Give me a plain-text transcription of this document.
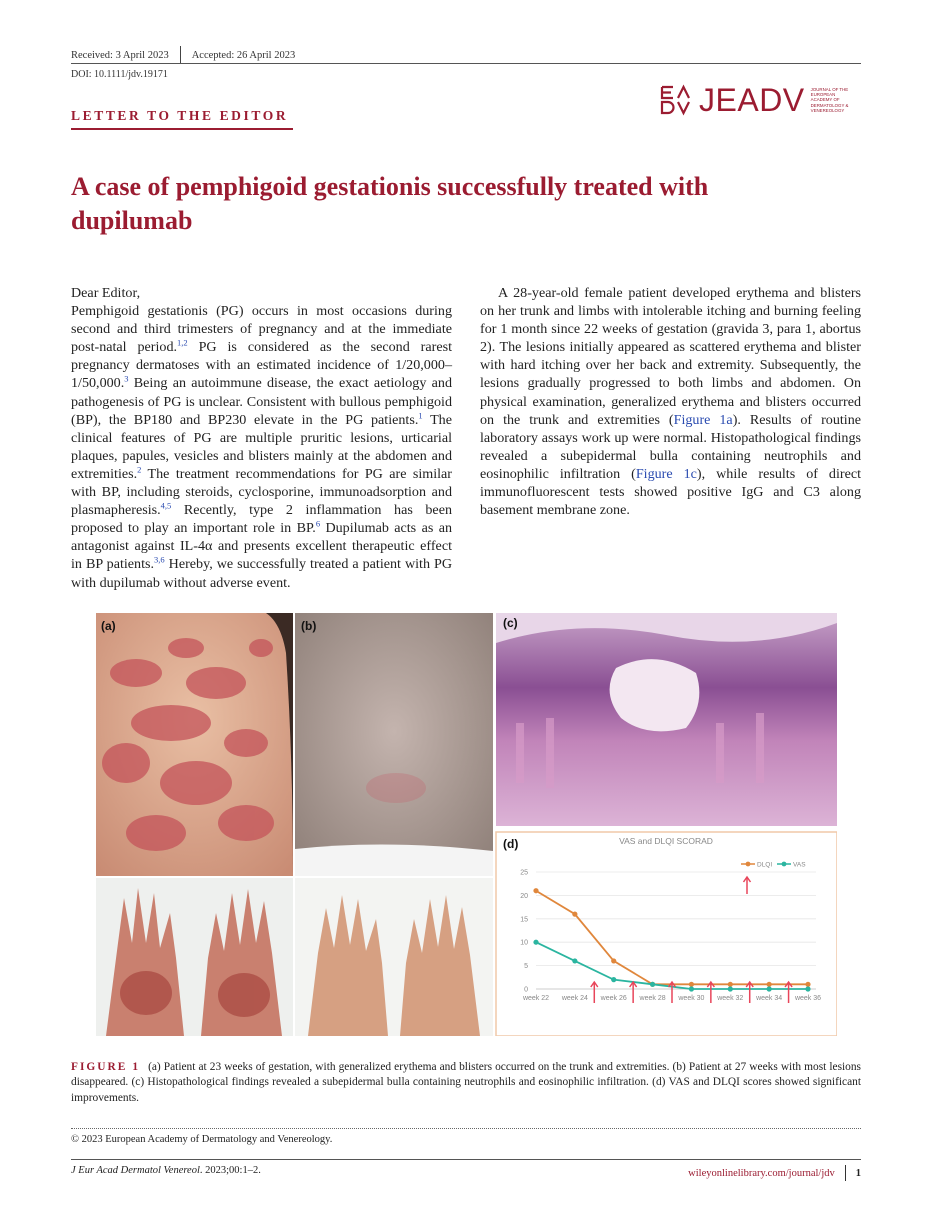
Received: 3 April 2023 Accepted: 26 April 2023
DOI: 10.1111/jdv.19171
LETTER TO THE EDITOR	JEADV JOURNAL OF THE EUROPEAN ACADEMY OF DERMATOLOGY & VENEREOLOGY
A case of pemphigoid gestationis successfully treated with dupilumab

Dear Editor,

Pemphigoid gestationis (PG) occurs in most occasions during second and third trimesters of pregnancy and at the immediate post-natal period.$^{1,2}$ PG is considered as the second rarest pregnancy dermatoses with an estimated incidence of 1/20,000–1/50,000.$^3$ Being an autoimmune disease, the exact aetiology and pathogenesis of PG is unclear. Consistent with bullous pemphigoid (BP), the BP180 and BP230 elevate in the PG patients.$^1$ The clinical features of PG are multiple pruritic lesions, urticarial plaques, papules, vesicles and blisters mainly at the abdomen and extremities.$^2$ The treatment recommendations for PG are similar with BP, including steroids, cyclosporine, immunoadsorption and plasmapheresis.$^{4,5}$ Recently, type 2 inflammation has been proposed to play an important role in BP.$^6$ Dupilumab acts as an antagonist against IL-4α and presents excellent therapeutic effect in BP patients.$^{3,6}$ Hereby, we successfully treated a patient with PG with dupilumab without adverse event.

A 28-year-old female patient developed erythema and blisters on her trunk and limbs with intolerable itching and burning feeling for 1 month since 22 weeks of gestation (gravida 3, para 1, abortus 2). The lesions initially appeared as scattered erythema and blister with hard itching over her back and extremity. Subsequently, the lesions gradually progressed to both limbs and abdomen. On physical examination, generalized erythema and blisters occurred on the trunk and extremities (Figure 1a). Results of routine laboratory assays work up were normal. Histopathological findings revealed a subepidermal bulla containing neutrophils and eosinophilic infiltration (Figure 1c), while results of direct immunofluorescent tests showed positive IgG and C3 along basement membrane zone.

VAS and DLQI SCORAD
0
5
10
15
20
25
week 22 week 24 week 26 week 28 week 30 week 32 week 34 week 36
DLQI	VAS
(a)	(b)	(c)
(d)
FIGURE 1 (a) Patient at 23 weeks of gestation, with generalized erythema and blisters occurred on the trunk and extremities. (b) Patient at 27 weeks with most lesions disappeared. (c) Histopathological findings revealed a subepidermal bulla containing neutrophils and eosinophilic infiltration. (d) VAS and DLQI scores showed significant improvements.
© 2023 European Academy of Dermatology and Venereology.
J Eur Acad Dermatol Venereol. 2023;00:1–2.	wileyonlinelibrary.com/journal/jdv 1
